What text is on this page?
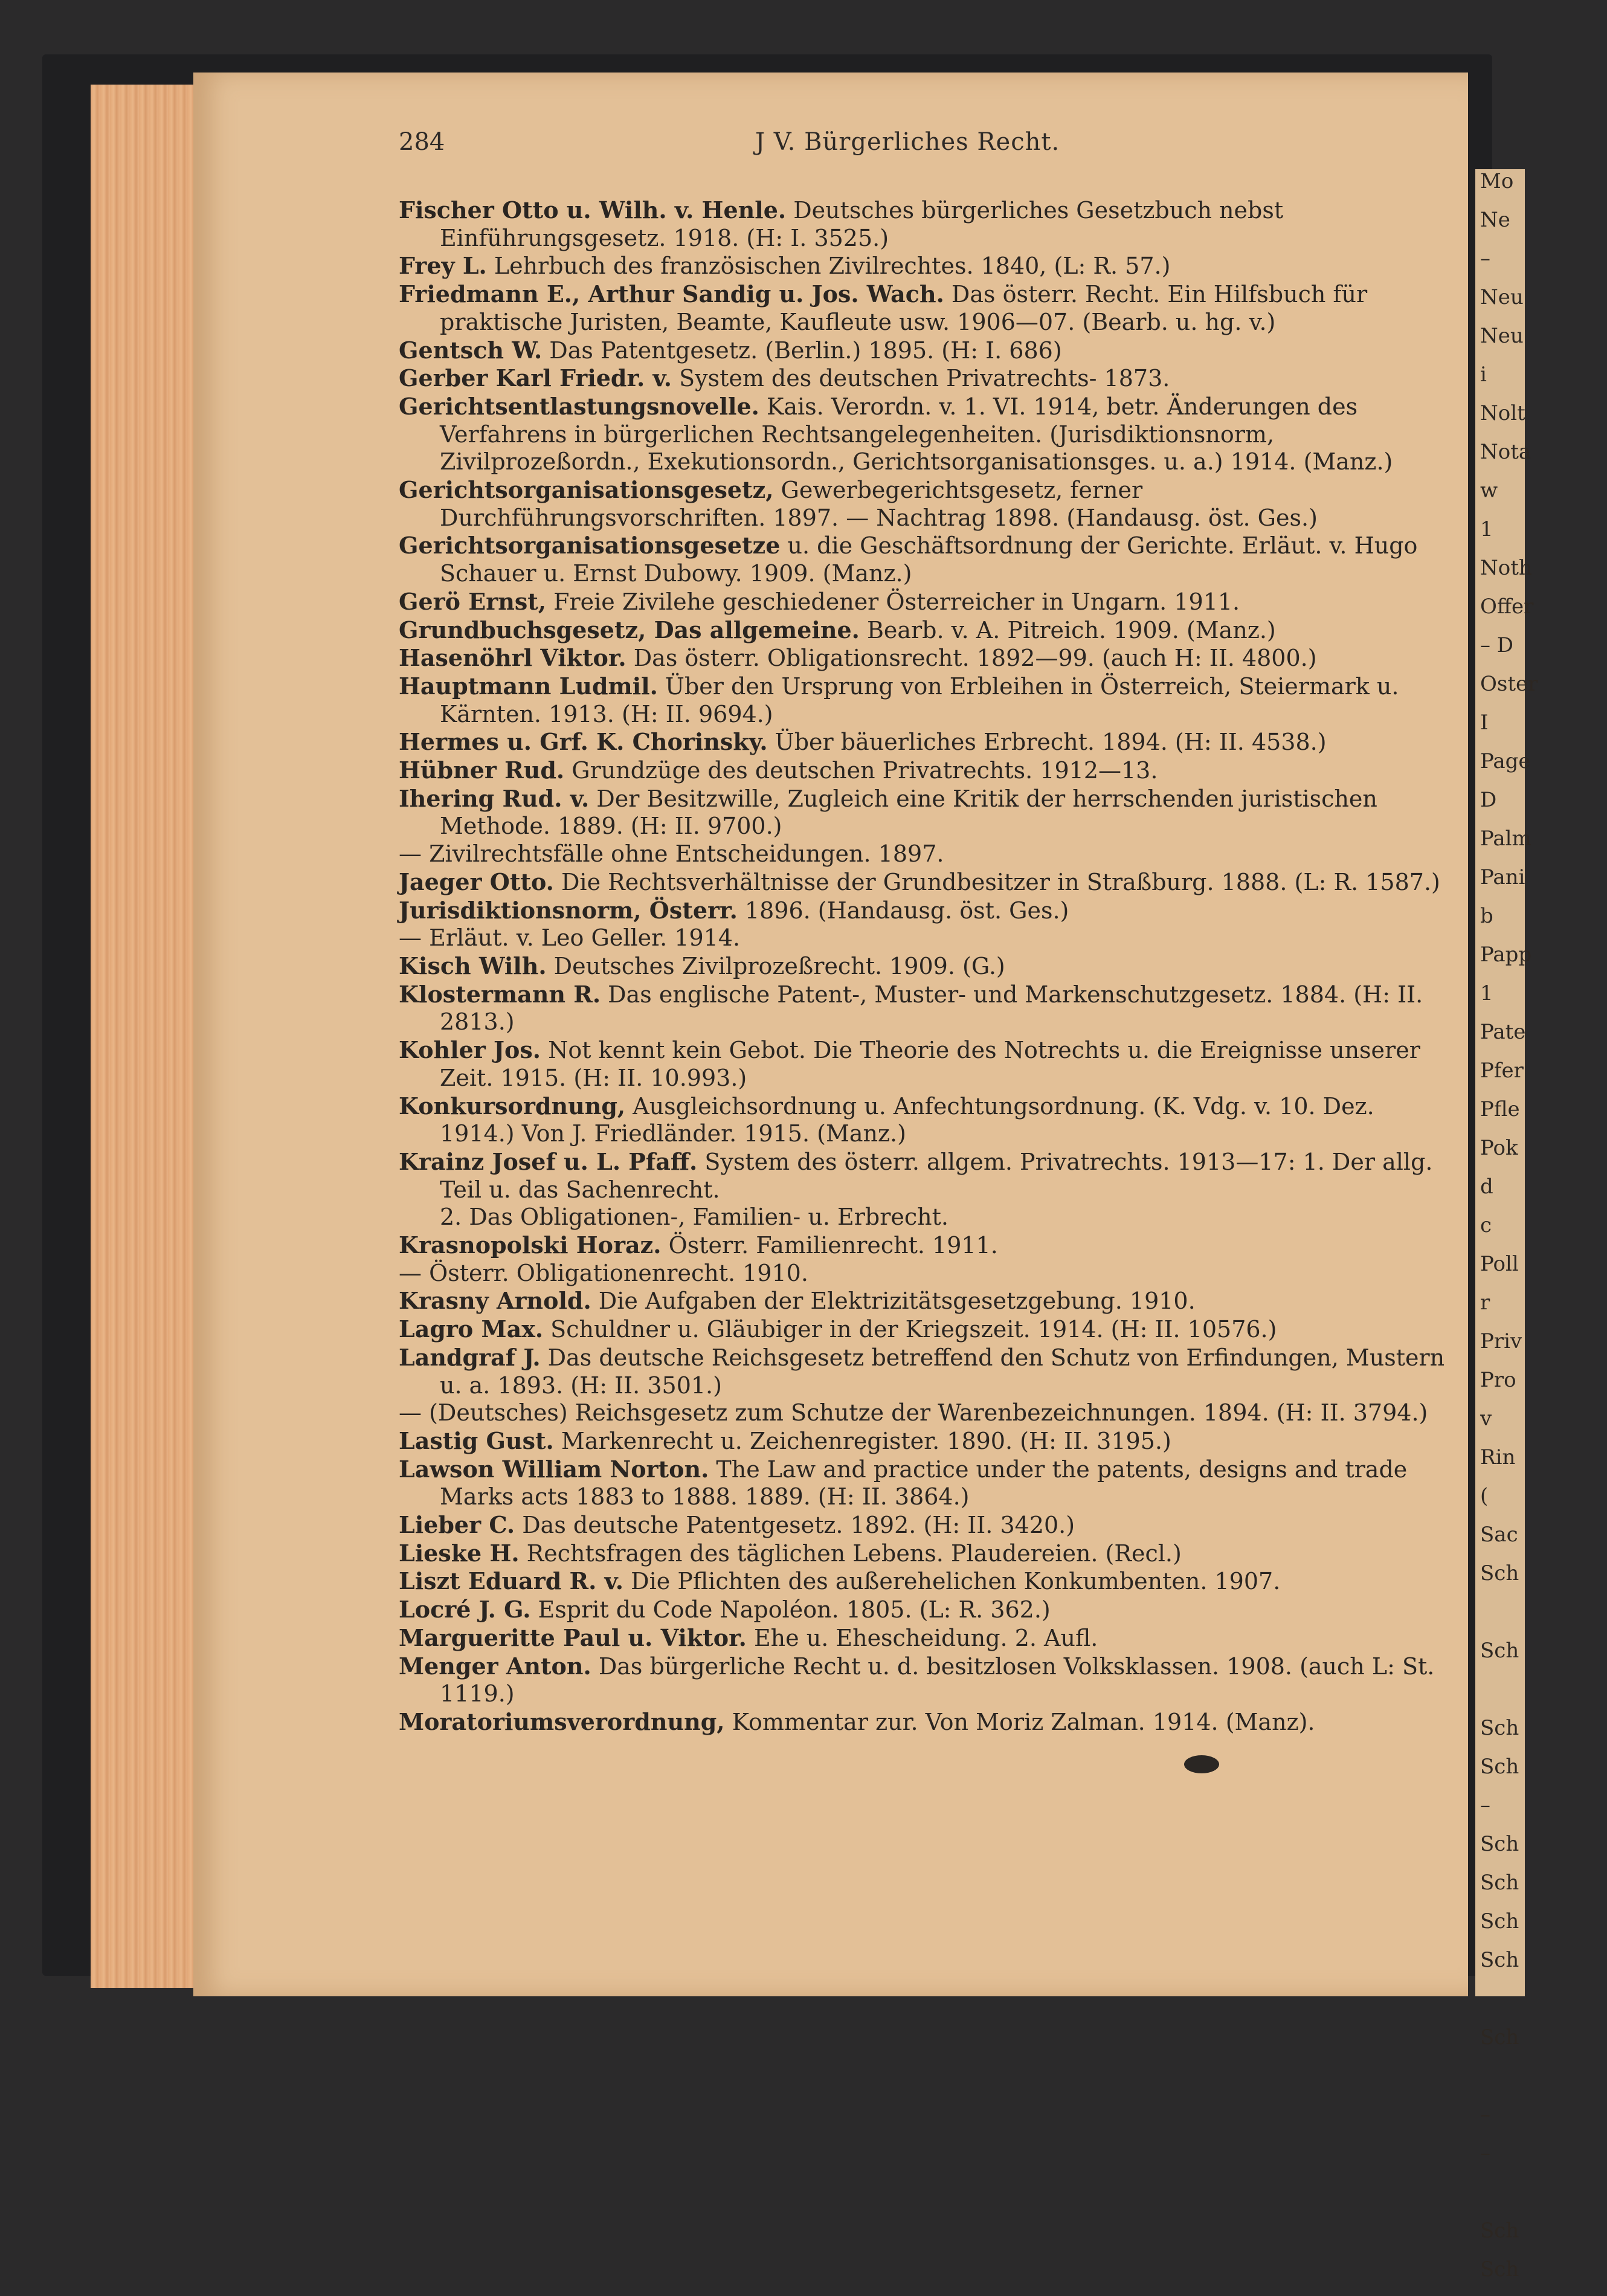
Mo
Ne
–
Neu
Neu
i
Nolt
Nota
w
1
Noth
Offer
– D
Oster
I
Page
D
Palm
Pani
b
Papp
1
Pate
Pfer
Pfle
Pok
d
c
Poll
r
Priv
Pro
v
Rin
(
Sac
Sch
Sch
Sch
Sch
–
Sch
Sch
Sch
Sch
Sch
–
–
Sch
Sch
284	J V. Bürgerliches Recht.
Fischer Otto u. Wilh. v. Henle. Deutsches bürgerliches Gesetzbuch nebst Einführungsgesetz. 1918. (H: I. 3525.)
Frey L. Lehrbuch des französischen Zivilrechtes. 1840, (L: R. 57.)
Friedmann E., Arthur Sandig u. Jos. Wach. Das österr. Recht. Ein Hilfsbuch für praktische Juristen, Beamte, Kaufleute usw. 1906—07. (Bearb. u. hg. v.)
Gentsch W. Das Patentgesetz. (Berlin.) 1895. (H: I. 686)
Gerber Karl Friedr. v. System des deutschen Privatrechts- 1873.
Gerichtsentlastungsnovelle. Kais. Verordn. v. 1. VI. 1914, betr. Änderungen des Verfahrens in bürgerlichen Rechtsangelegenheiten. (Jurisdiktionsnorm, Zivilprozeßordn., Exekutionsordn., Gerichtsorganisationsges. u. a.) 1914. (Manz.)
Gerichtsorganisationsgesetz, Gewerbegerichtsgesetz, ferner Durchführungsvorschriften. 1897. — Nachtrag 1898. (Handausg. öst. Ges.)
Gerichtsorganisationsgesetze u. die Geschäftsordnung der Gerichte. Erläut. v. Hugo Schauer u. Ernst Dubowy. 1909. (Manz.)
Gerö Ernst, Freie Zivilehe geschiedener Österreicher in Ungarn. 1911.
Grundbuchsgesetz, Das allgemeine. Bearb. v. A. Pitreich. 1909. (Manz.)
Hasenöhrl Viktor. Das österr. Obligationsrecht. 1892—99. (auch H: II. 4800.)
Hauptmann Ludmil. Über den Ursprung von Erbleihen in Österreich, Steiermark u. Kärnten. 1913. (H: II. 9694.)
Hermes u. Grf. K. Chorinsky. Über bäuerliches Erbrecht. 1894. (H: II. 4538.)
Hübner Rud. Grundzüge des deutschen Privatrechts. 1912—13.
Ihering Rud. v. Der Besitzwille, Zugleich eine Kritik der herrschenden juristischen Methode. 1889. (H: II. 9700.)
— Zivilrechtsfälle ohne Entscheidungen. 1897.
Jaeger Otto. Die Rechtsverhältnisse der Grundbesitzer in Straßburg. 1888. (L: R. 1587.)
Jurisdiktionsnorm, Österr. 1896. (Handausg. öst. Ges.)
— Erläut. v. Leo Geller. 1914.
Kisch Wilh. Deutsches Zivilprozeßrecht. 1909. (G.)
Klostermann R. Das englische Patent-, Muster- und Markenschutzgesetz. 1884. (H: II. 2813.)
Kohler Jos. Not kennt kein Gebot. Die Theorie des Notrechts u. die Ereignisse unserer Zeit. 1915. (H: II. 10.993.)
Konkursordnung, Ausgleichsordnung u. Anfechtungsordnung. (K. Vdg. v. 10. Dez. 1914.) Von J. Friedländer. 1915. (Manz.)
Krainz Josef u. L. Pfaff. System des österr. allgem. Privatrechts. 1913—17: 1. Der allg. Teil u. das Sachenrecht.
2. Das Obligationen-, Familien- u. Erbrecht.
Krasnopolski Horaz. Österr. Familienrecht. 1911.
— Österr. Obligationenrecht. 1910.
Krasny Arnold. Die Aufgaben der Elektrizitätsgesetzgebung. 1910.
Lagro Max. Schuldner u. Gläubiger in der Kriegszeit. 1914. (H: II. 10576.)
Landgraf J. Das deutsche Reichsgesetz betreffend den Schutz von Erfindungen, Mustern u. a. 1893. (H: II. 3501.)
— (Deutsches) Reichsgesetz zum Schutze der Warenbezeichnungen. 1894. (H: II. 3794.)
Lastig Gust. Markenrecht u. Zeichenregister. 1890. (H: II. 3195.)
Lawson William Norton. The Law and practice under the patents, designs and trade Marks acts 1883 to 1888. 1889. (H: II. 3864.)
Lieber C. Das deutsche Patentgesetz. 1892. (H: II. 3420.)
Lieske H. Rechtsfragen des täglichen Lebens. Plaudereien. (Recl.)
Liszt Eduard R. v. Die Pflichten des außerehelichen Konkumbenten. 1907.
Locré J. G. Esprit du Code Napoléon. 1805. (L: R. 362.)
Margueritte Paul u. Viktor. Ehe u. Ehescheidung. 2. Aufl.
Menger Anton. Das bürgerliche Recht u. d. besitzlosen Volksklassen. 1908. (auch L: St. 1119.)
Moratoriumsverordnung, Kommentar zur. Von Moriz Zalman. 1914. (Manz).
